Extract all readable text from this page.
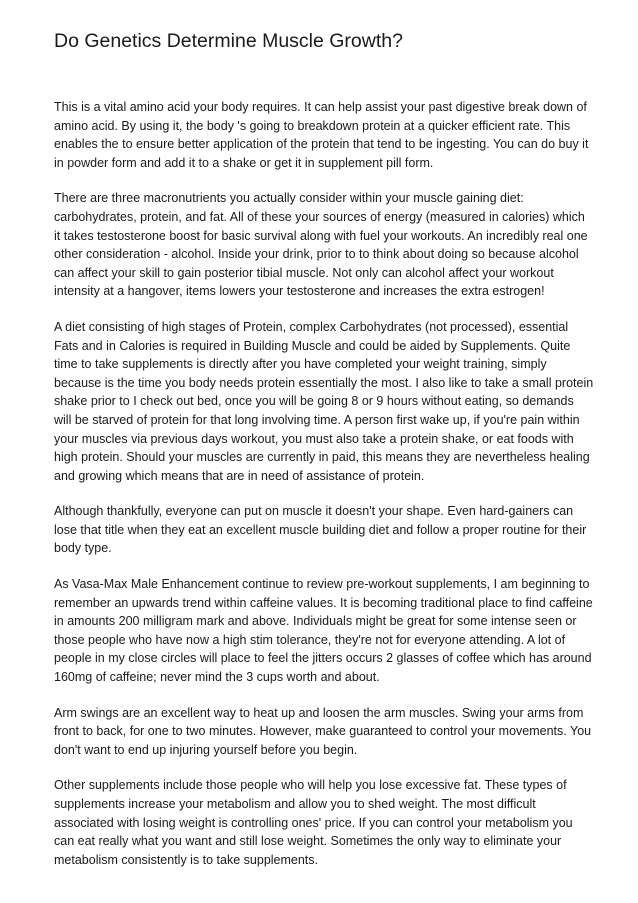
Do Genetics Determine Muscle Growth?

This is a vital amino acid your body requires. It can help assist your past digestive break down of amino acid. By using it, the body 's going to breakdown protein at a quicker efficient rate. This enables the to ensure better application of the protein that tend to be ingesting. You can do buy it in powder form and add it to a shake or get it in supplement pill form.

There are three macronutrients you actually consider within your muscle gaining diet: carbohydrates, protein, and fat. All of these your sources of energy (measured in calories) which it takes testosterone boost for basic survival along with fuel your workouts. An incredibly real one other consideration - alcohol. Inside your drink, prior to to think about doing so because alcohol can affect your skill to gain posterior tibial muscle. Not only can alcohol affect your workout intensity at a hangover, items lowers your testosterone and increases the extra estrogen!

A diet consisting of high stages of Protein, complex Carbohydrates (not processed), essential Fats and in Calories is required in Building Muscle and could be aided by Supplements. Quite time to take supplements is directly after you have completed your weight training, simply because is the time you body needs protein essentially the most. I also like to take a small protein shake prior to I check out bed, once you will be going 8 or 9 hours without eating, so demands will be starved of protein for that long involving time. A person first wake up, if you're pain within your muscles via previous days workout, you must also take a protein shake, or eat foods with high protein. Should your muscles are currently in paid, this means they are nevertheless healing and growing which means that are in need of assistance of protein.

Although thankfully, everyone can put on muscle it doesn't your shape. Even hard-gainers can lose that title when they eat an excellent muscle building diet and follow a proper routine for their body type.

As Vasa-Max Male Enhancement continue to review pre-workout supplements, I am beginning to remember an upwards trend within caffeine values. It is becoming traditional place to find caffeine in amounts 200 milligram mark and above. Individuals might be great for some intense seen or those people who have now a high stim tolerance, they're not for everyone attending. A lot of people in my close circles will place to feel the jitters occurs 2 glasses of coffee which has around 160mg of caffeine; never mind the 3 cups worth and about.

Arm swings are an excellent way to heat up and loosen the arm muscles. Swing your arms from front to back, for one to two minutes. However, make guaranteed to control your movements. You don't want to end up injuring yourself before you begin.

Other supplements include those people who will help you lose excessive fat. These types of supplements increase your metabolism and allow you to shed weight. The most difficult associated with losing weight is controlling ones' price. If you can control your metabolism you can eat really what you want and still lose weight. Sometimes the only way to eliminate your metabolism consistently is to take supplements.
